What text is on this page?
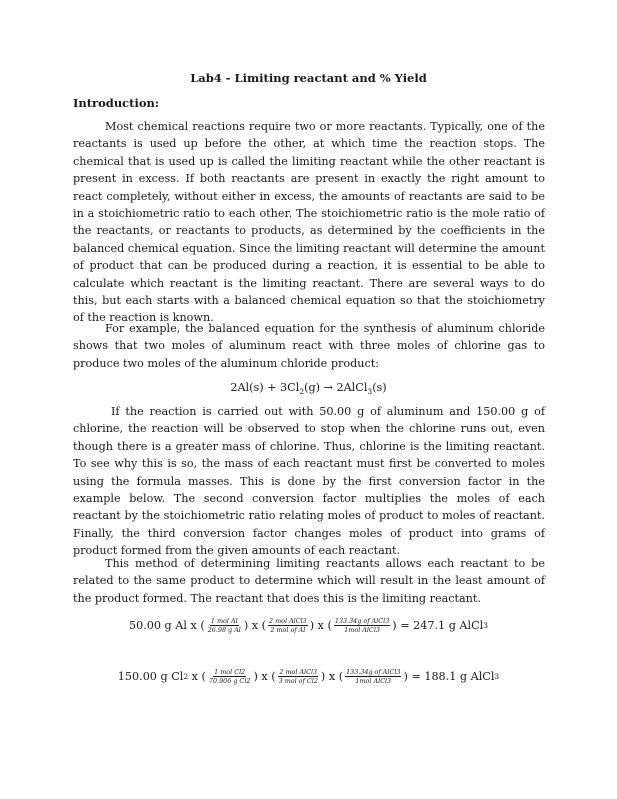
Lab4 - Limiting reactant and % Yield
Introduction:

Most chemical reactions require two or more reactants. Typically, one of the reactants is used up before the other, at which time the reaction stops. The chemical that is used up is called the limiting reactant while the other reactant is present in excess. If both reactants are present in exactly the right amount to react completely, without either in excess, the amounts of reactants are said to be in a stoichiometric ratio to each other. The stoichiometric ratio is the mole ratio of the reactants, or reactants to products, as determined by the coefficients in the balanced chemical equation. Since the limiting reactant will determine the amount of product that can be produced during a reaction, it is essential to be able to calculate which reactant is the limiting reactant. There are several ways to do this, but each starts with a balanced chemical equation so that the stoichiometry of the reaction is known.

For example, the balanced equation for the synthesis of aluminum chloride shows that two moles of aluminum react with three moles of chlorine gas to produce two moles of the aluminum chloride product:

$2Al(s) + 3Cl_2(g)$ → 2AlCl$_3$(s)

If the reaction is carried out with 50.00 g of aluminum and 150.00 g of chlorine, the reaction will be observed to stop when the chlorine runs out, even though there is a greater mass of chlorine. Thus, chlorine is the limiting reactant. To see why this is so, the mass of each reactant must first be converted to moles using the formula masses. This is done by the first conversion factor in the example below. The second conversion factor multiplies the moles of each reactant by the stoichiometric ratio relating moles of product to moles of reactant. Finally, the third conversion factor changes moles of product into grams of product formed from the given amounts of each reactant.

This method of determining limiting reactants allows each reactant to be related to the same product to determine which will result in the least amount of the product formed. The reactant that does this is the limiting reactant.

50.00 g Al x ( $\frac{\text{1 mol Al}}{\text{26.98 g Al}}$ ) x ( $\frac{\text{2 mol AlCl3}}{\text{2 mol of Al}}$ ) x ( $\frac{\text{133.34g of AlCl3}}{\text{1mol AlCl3}}$ ) = 247.1 g AlCl 3
150.00 g Cl 2 x ( $\frac{\text{1 mol Cl2}}{\text{70.906 g Cl2}}$ ) x ( $\frac{\text{2 mol AlCl3}}{\text{3 mol of Cl2}}$ ) x ( $\frac{\text{133.34g of AlCl3}}{\text{1mol AlCl3}}$ ) = 188.1 g AlCl 3
